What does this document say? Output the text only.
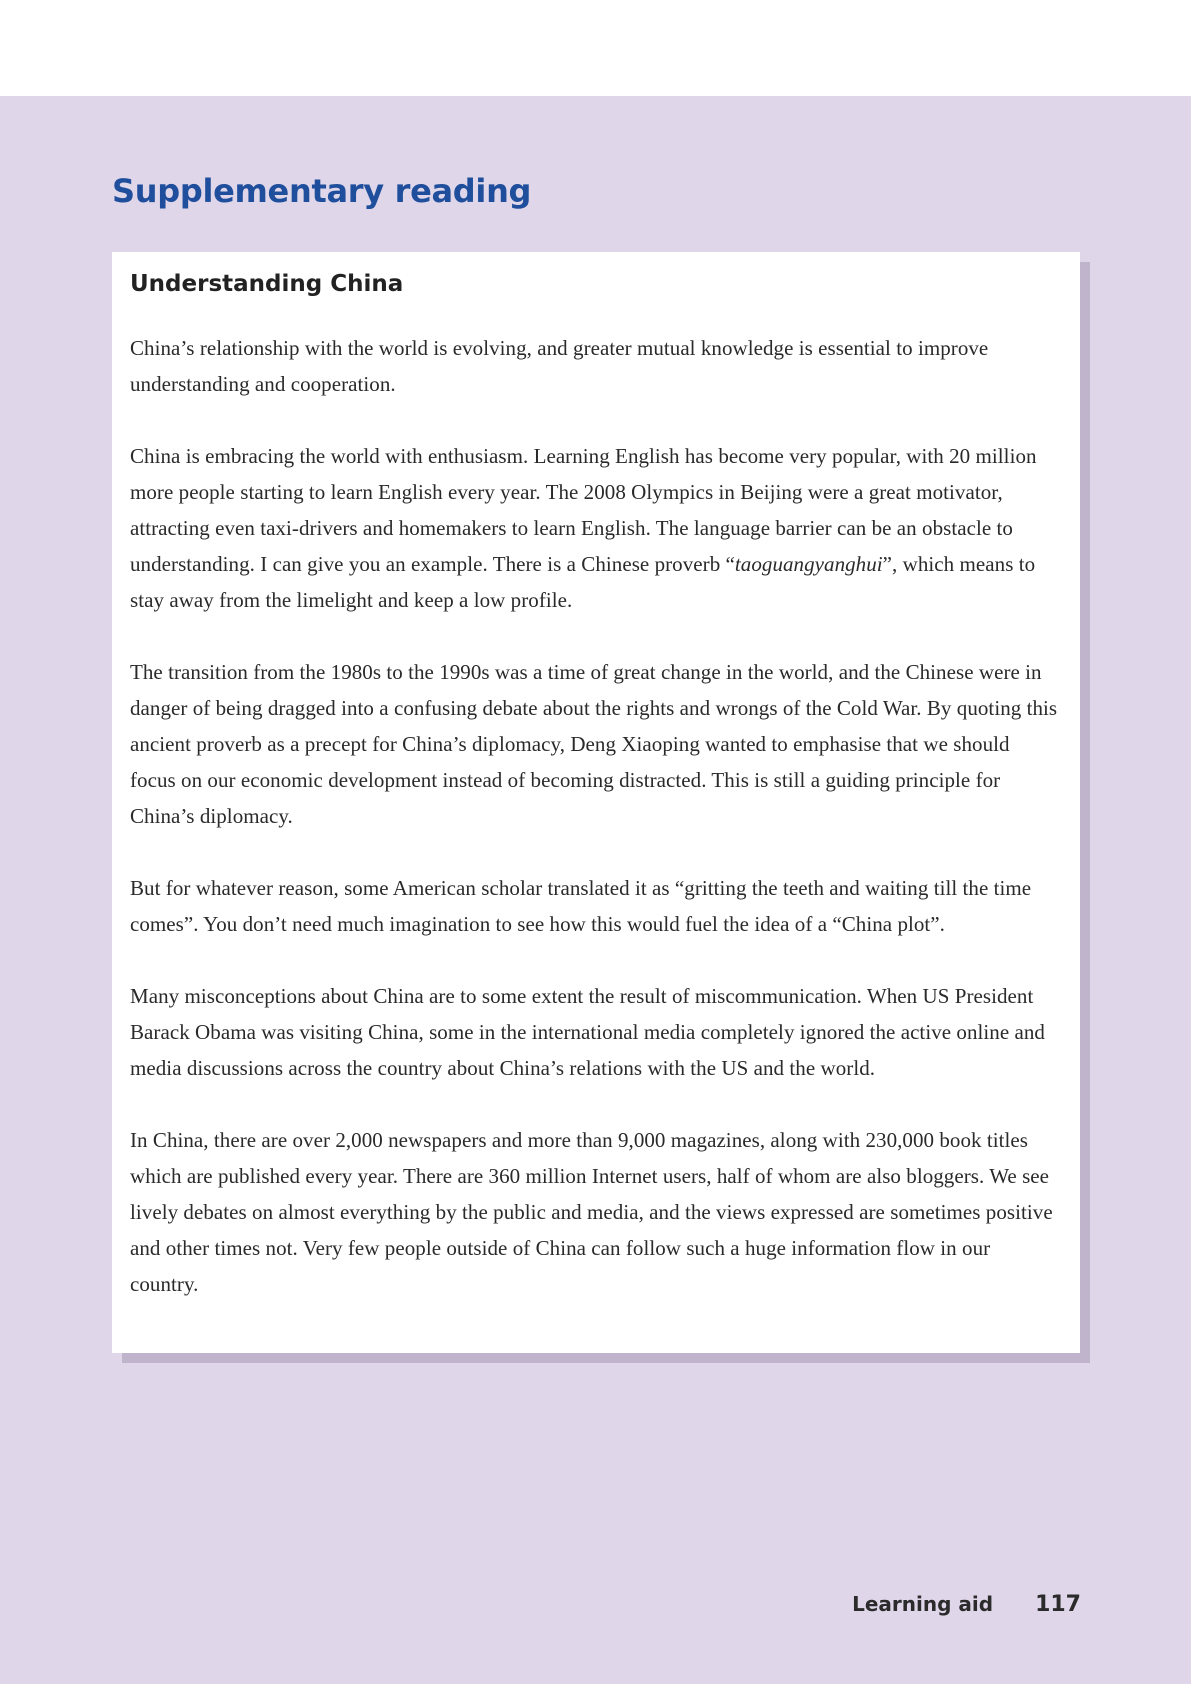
Supplementary reading
Understanding China

China’s relationship with the world is evolving, and greater mutual knowledge is essential to improve understanding and cooperation.

China is embracing the world with enthusiasm. Learning English has become very popular, with 20 million more people starting to learn English every year. The 2008 Olympics in Beijing were a great motivator, attracting even taxi-drivers and homemakers to learn English. The language barrier can be an obstacle to understanding. I can give you an example. There is a Chinese proverb “taoguangyanghui”, which means to stay away from the limelight and keep a low profile.

The transition from the 1980s to the 1990s was a time of great change in the world, and the Chinese were in danger of being dragged into a confusing debate about the rights and wrongs of the Cold War. By quoting this ancient proverb as a precept for China’s diplomacy, Deng Xiaoping wanted to emphasise that we should focus on our economic development instead of becoming distracted. This is still a guiding principle for China’s diplomacy.

But for whatever reason, some American scholar translated it as “gritting the teeth and waiting till the time comes”. You don’t need much imagination to see how this would fuel the idea of a “China plot”.

Many misconceptions about China are to some extent the result of miscommunication. When US President Barack Obama was visiting China, some in the international media completely ignored the active online and media discussions across the country about China’s relations with the US and the world.

In China, there are over 2,000 newspapers and more than 9,000 magazines, along with 230,000 book titles which are published every year. There are 360 million Internet users, half of whom are also bloggers. We see lively debates on almost everything by the public and media, and the views expressed are sometimes positive and other times not. Very few people outside of China can follow such a huge information flow in our country.

Learning aid 117
